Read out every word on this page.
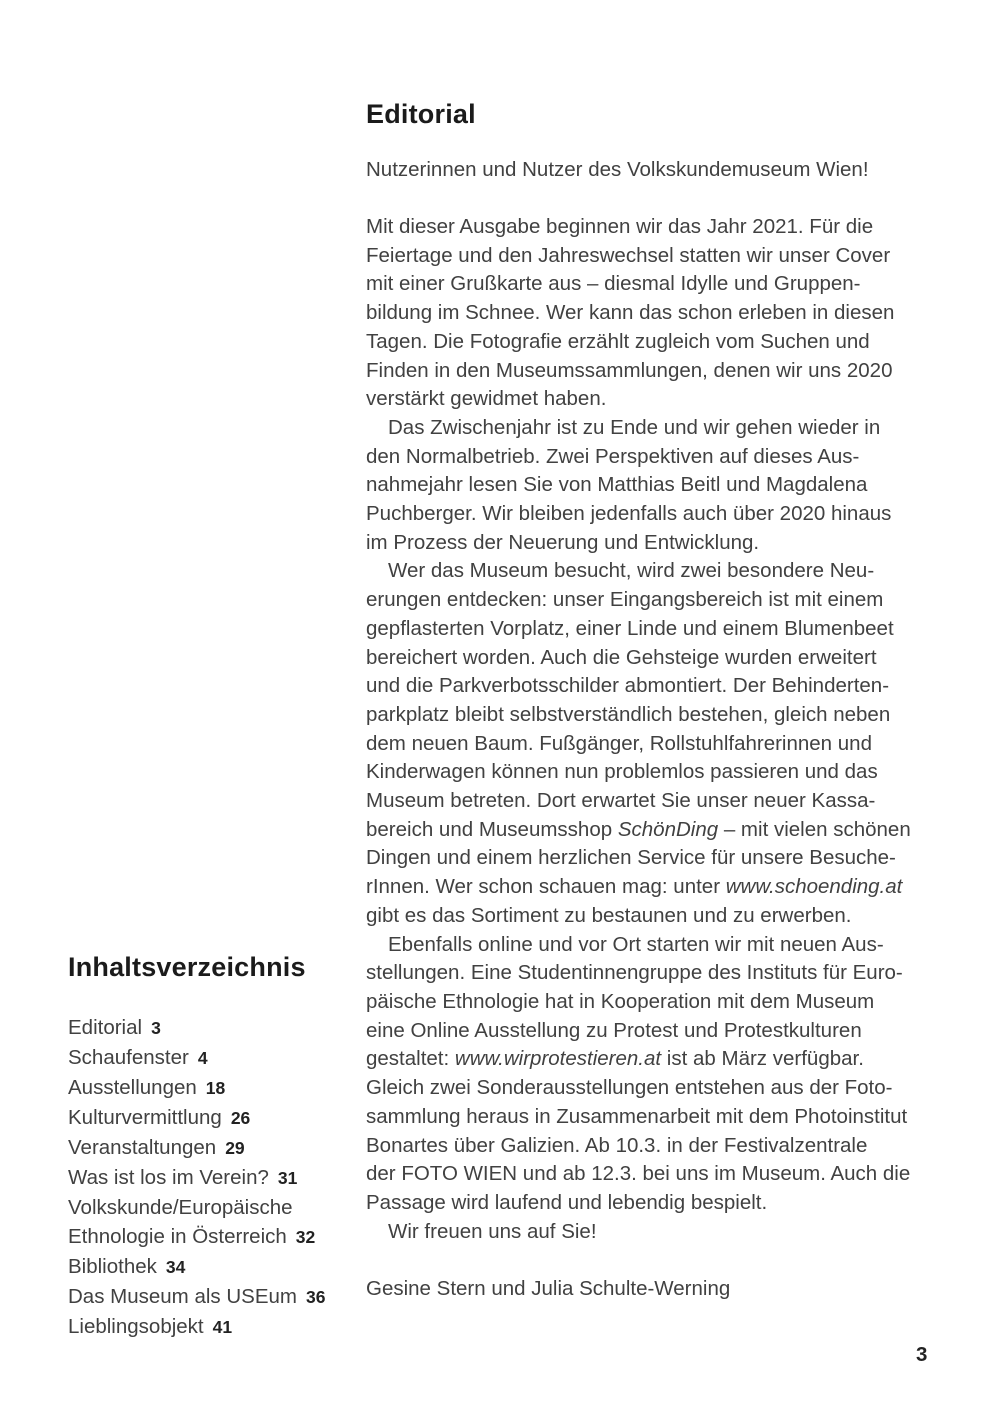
Editorial

Nutzerinnen und Nutzer des Volkskundemuseum Wien!

Mit dieser Ausgabe beginnen wir das Jahr 2021. Für die
Feiertage und den Jahreswechsel statten wir unser Cover
mit einer Grußkarte aus – diesmal Idylle und Gruppen-
bildung im Schnee. Wer kann das schon erleben in diesen
Tagen. Die Fotografie erzählt zugleich vom Suchen und
Finden in den Museumssammlungen, denen wir uns 2020
verstärkt gewidmet haben.
Das Zwischenjahr ist zu Ende und wir gehen wieder in
den Normalbetrieb. Zwei Perspektiven auf dieses Aus-
nahmejahr lesen Sie von Matthias Beitl und Magdalena
Puchberger. Wir bleiben jedenfalls auch über 2020 hinaus
im Prozess der Neuerung und Entwicklung.
Wer das Museum besucht, wird zwei besondere Neu-
erungen entdecken: unser Eingangsbereich ist mit einem
gepflasterten Vorplatz, einer Linde und einem Blumenbeet
bereichert worden. Auch die Gehsteige wurden erweitert
und die Parkverbotsschilder abmontiert. Der Behinderten-
parkplatz bleibt selbstverständlich bestehen, gleich neben
dem neuen Baum. Fußgänger, Rollstuhlfahrerinnen und
Kinderwagen können nun problemlos passieren und das
Museum betreten. Dort erwartet Sie unser neuer Kassa-
bereich und Museumsshop SchönDing – mit vielen schönen
Dingen und einem herzlichen Service für unsere Besuche-
rInnen. Wer schon schauen mag: unter www.schoending.at
gibt es das Sortiment zu bestaunen und zu erwerben.
Ebenfalls online und vor Ort starten wir mit neuen Aus-
stellungen. Eine Studentinnengruppe des Instituts für Euro-
päische Ethnologie hat in Kooperation mit dem Museum
eine Online Ausstellung zu Protest und Protestkulturen
gestaltet: www.wirprotestieren.at ist ab März verfügbar.
Gleich zwei Sonderausstellungen entstehen aus der Foto-
sammlung heraus in Zusammenarbeit mit dem Photoinstitut
Bonartes über Galizien. Ab 10.3. in der Festivalzentrale
der FOTO WIEN und ab 12.3. bei uns im Museum. Auch die
Passage wird laufend und lebendig bespielt.
Wir freuen uns auf Sie!

Gesine Stern und Julia Schulte-Werning

Inhaltsverzeichnis
Editorial 3
Schaufenster 4
Ausstellungen 18
Kulturvermittlung 26
Veranstaltungen 29
Was ist los im Verein? 31
Volkskunde/Europäische
Ethnologie in Österreich 32
Bibliothek 34
Das Museum als USEum 36
Lieblingsobjekt 41
3
